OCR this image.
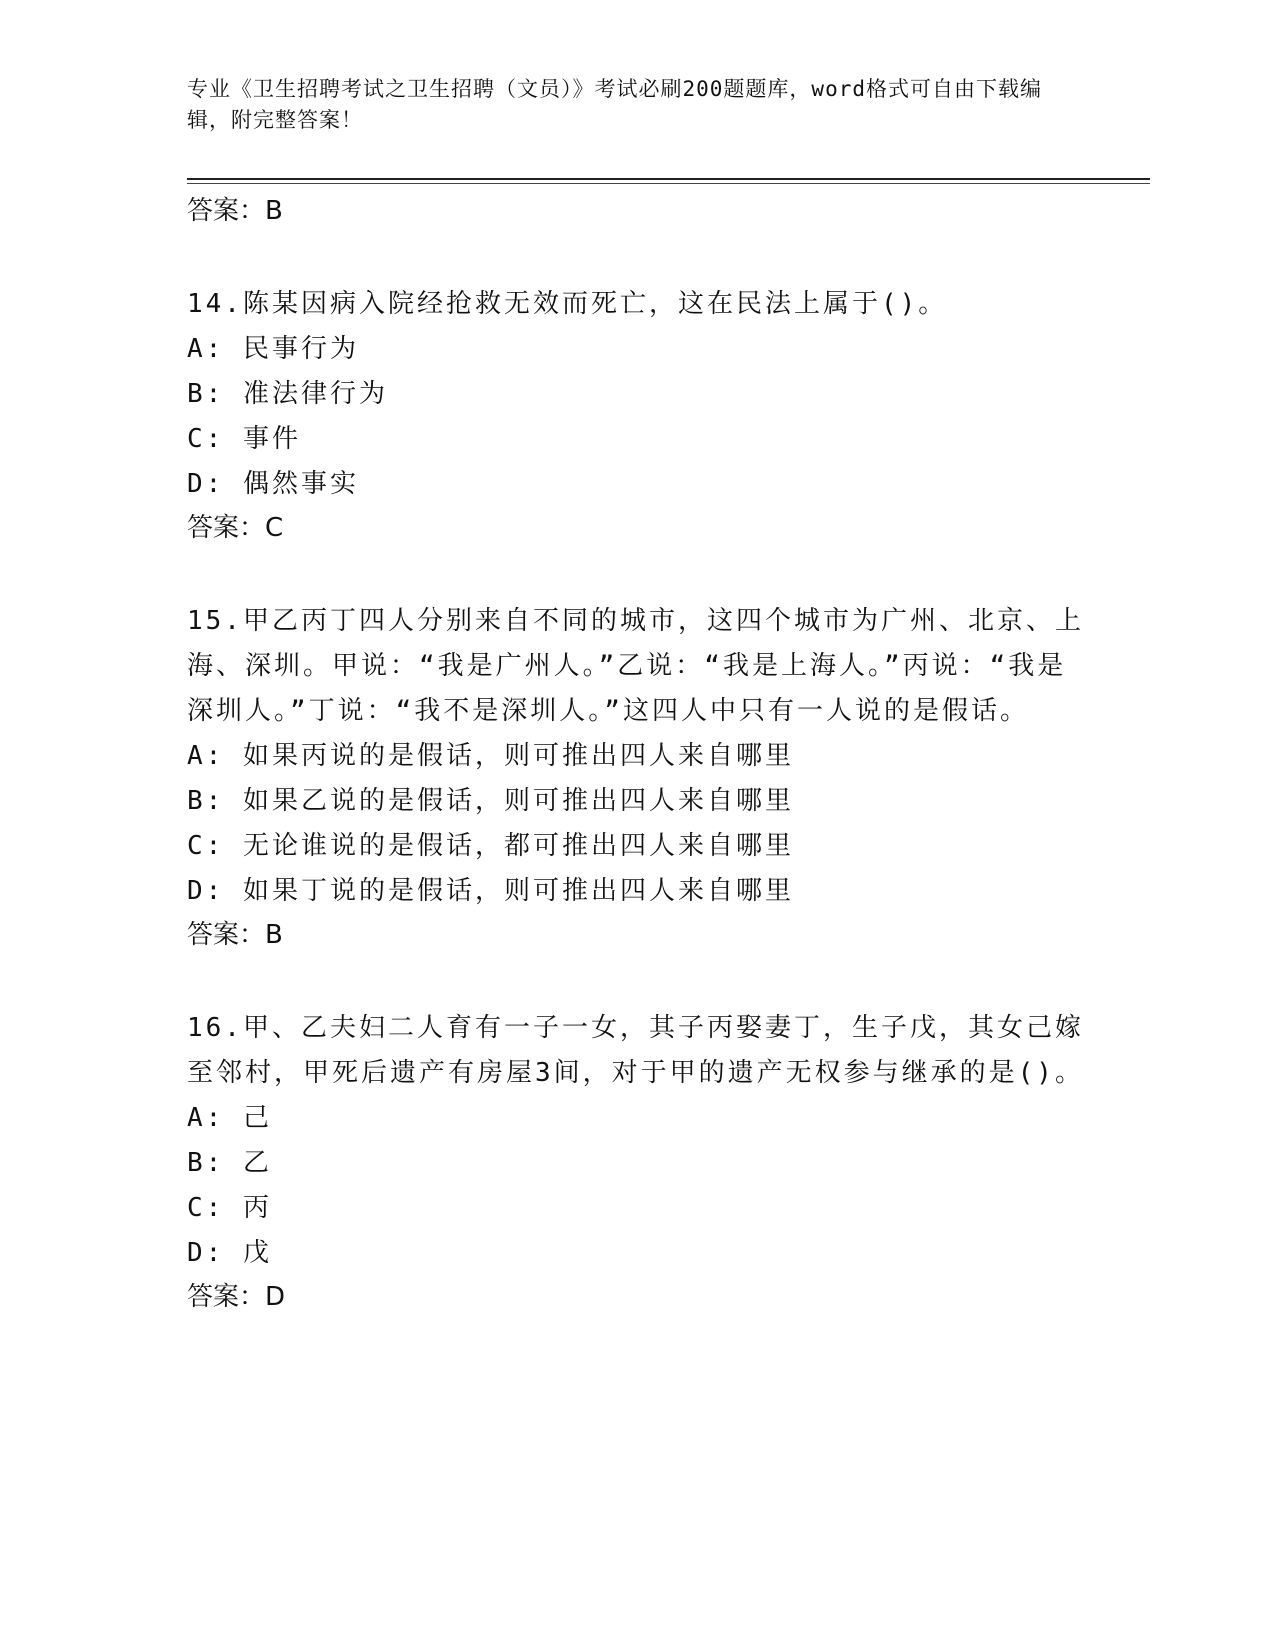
专业《卫生招聘考试之卫生招聘（文员）》考试必刷200题题库，word格式可自由下载编辑，附完整答案！
答案：B

14.陈某因病入院经抢救无效而死亡，这在民法上属于()。

A: 民事行为
B: 准法律行为
C: 事件
D: 偶然事实
答案：C

15.甲乙丙丁四人分别来自不同的城市，这四个城市为广州、北京、上海、深圳。甲说：“我是广州人。”乙说：“我是上海人。”丙说：“我是深圳人。”丁说：“我不是深圳人。”这四人中只有一人说的是假话。

A: 如果丙说的是假话，则可推出四人来自哪里
B: 如果乙说的是假话，则可推出四人来自哪里
C: 无论谁说的是假话，都可推出四人来自哪里
D: 如果丁说的是假话，则可推出四人来自哪里
答案：B

16.甲、乙夫妇二人育有一子一女，其子丙娶妻丁，生子戊，其女己嫁至邻村，甲死后遗产有房屋3间，对于甲的遗产无权参与继承的是()。

A: 己
B: 乙
C: 丙
D: 戊
答案：D
